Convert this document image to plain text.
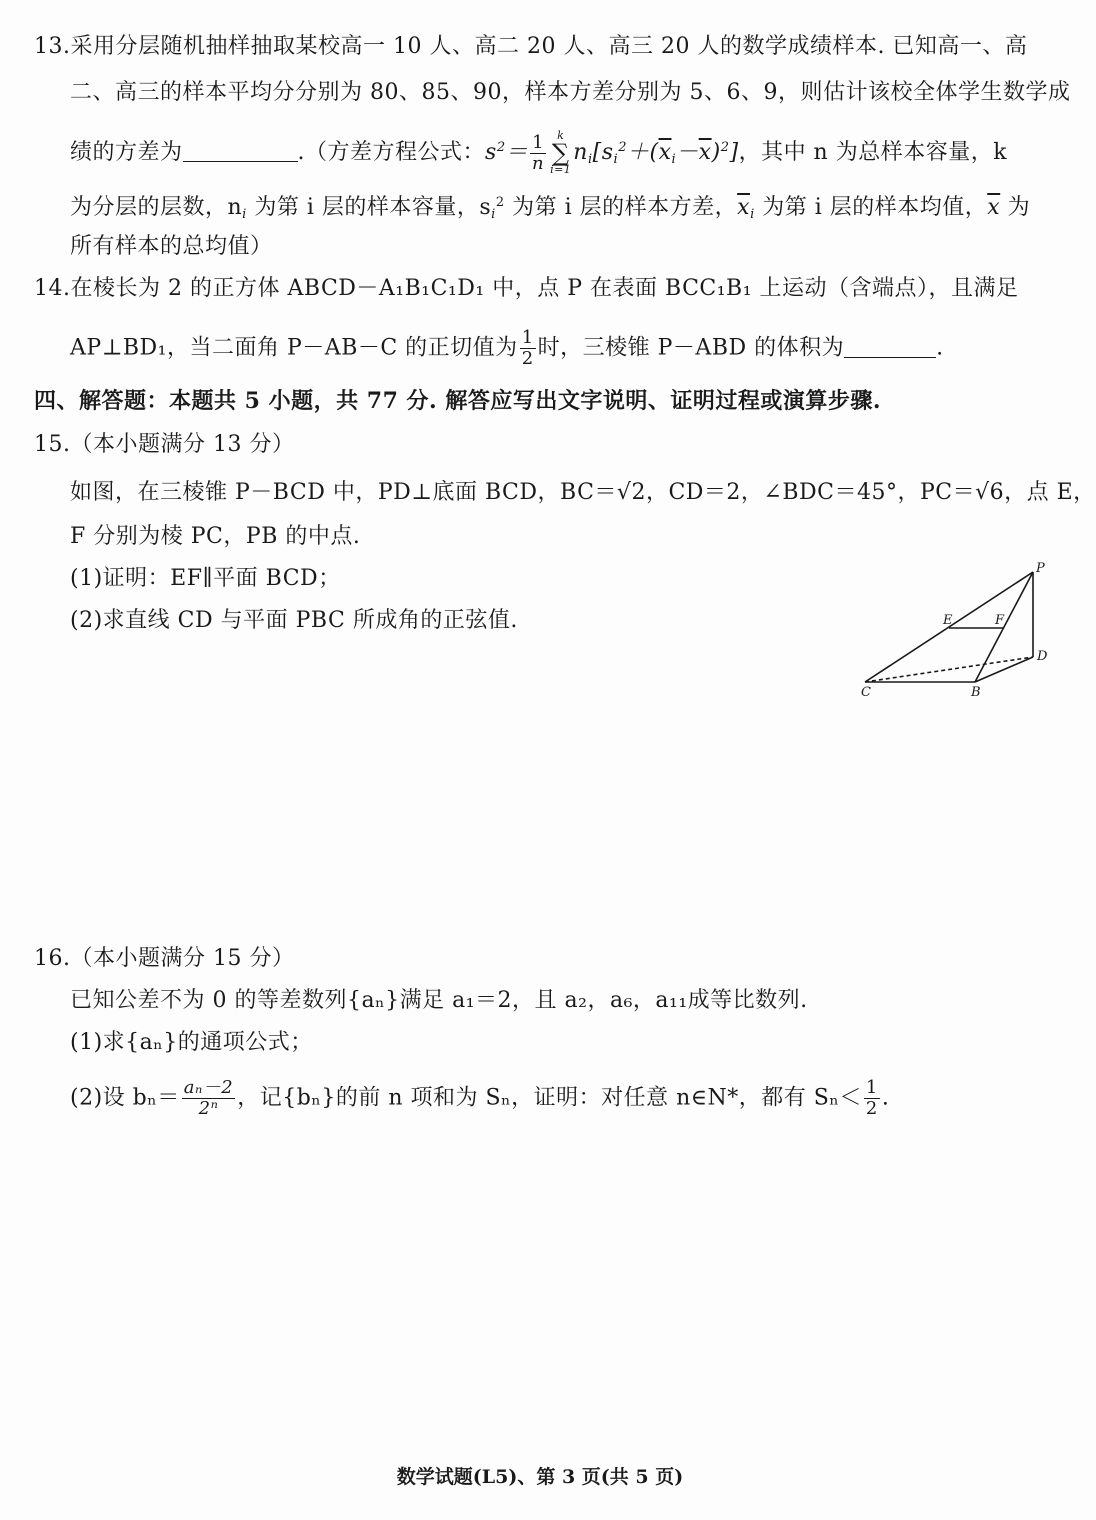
13.采用分层随机抽样抽取某校高一 10 人、高二 20 人、高三 20 人的数学成绩样本. 已知高一、高
二、高三的样本平均分分别为 80、85、90，样本方差分别为 5、6、9，则估计该校全体学生数学成
绩的方差为	.（方差方程公式：$s^2= \frac{1}{n}$ k
∑
$i=1n_i[s_i^2+(\overline{x}_i-\overline{x})^2]$，其中 n 为总样本容量，k
为分层的层数，$n_i$ 为第 i 层的样本容量，$s_i^2$ 为第 i 层的样本方差，$\overline{x}_i$ 为第 i 层的样本均值，$\overline{x}$ 为
所有样本的总均值）
14.在棱长为 2 的正方体 ABCD－A₁B₁C₁D₁ 中，点 P 在表面 BCC₁B₁ 上运动（含端点），且满足
AP⊥BD₁，当二面角 P－AB－C 的正切值为 $\frac{1}{2}$ 时，三棱锥 P－ABD 的体积为	.
四、解答题：本题共 5 小题，共 77 分. 解答应写出文字说明、证明过程或演算步骤.
15.（本小题满分 13 分）
如图，在三棱锥 P－BCD 中，PD⊥底面 BCD，BC＝√2，CD＝2，∠BDC＝45°，PC＝√6，点 E，
F 分别为棱 PC，PB 的中点.
(1)证明：EF∥平面 BCD；
(2)求直线 CD 与平面 PBC 所成角的正弦值.
P
E	F
D
C	B
16.（本小题满分 15 分）
已知公差不为 0 的等差数列{aₙ}满足 a₁＝2，且 a₂，a₆，a₁₁成等比数列.
(1)求{aₙ}的通项公式；
(2)设 $b_n= \frac{\text{aₙ－2}}{\text{2ⁿ}}$ ，记{bₙ}的前 n 项和为 Sₙ，证明：对任意 n∈N*，都有 $S_n< \frac{1}{2}$ .
数学试题(L5)、第 3 页(共 5 页)
